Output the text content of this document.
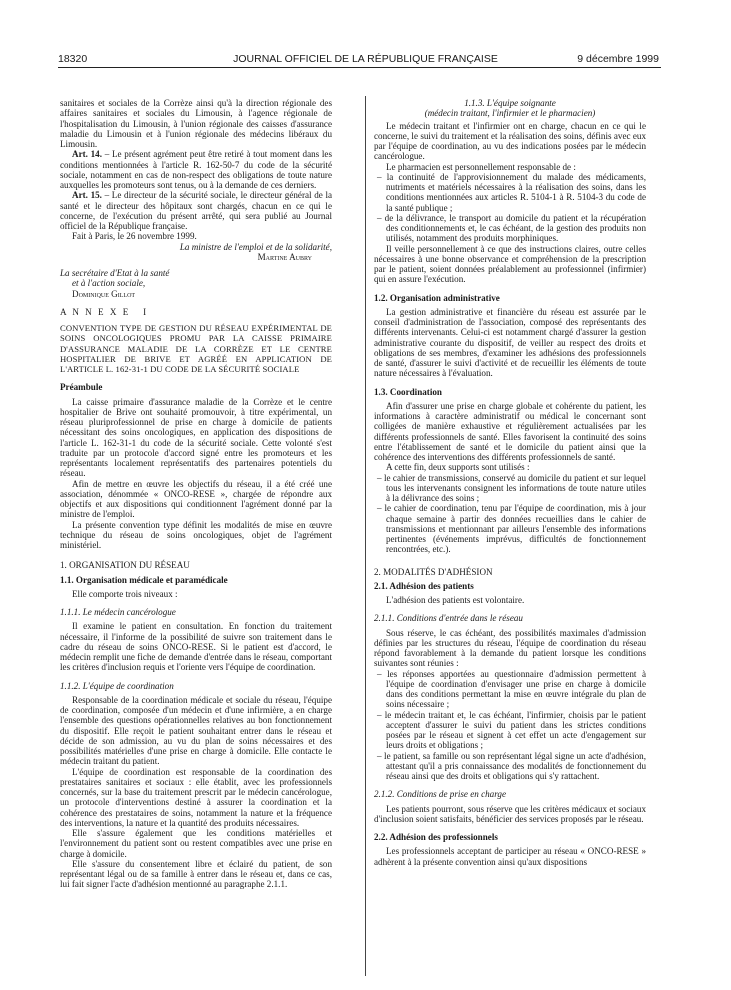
18320	JOURNAL OFFICIEL DE LA RÉPUBLIQUE FRANÇAISE	9 décembre 1999

sanitaires et sociales de la Corrèze ainsi qu'à la direction régionale des affaires sanitaires et sociales du Limousin, à l'agence régionale de l'hospitalisation du Limousin, à l'union régionale des caisses d'assurance maladie du Limousin et à l'union régionale des médecins libéraux du Limousin.

Art. 14. – Le présent agrément peut être retiré à tout moment dans les conditions mentionnées à l'article R. 162-50-7 du code de la sécurité sociale, notamment en cas de non-respect des obligations de toute nature auxquelles les promoteurs sont tenus, ou à la demande de ces derniers.

Art. 15. – Le directeur de la sécurité sociale, le directeur général de la santé et le directeur des hôpitaux sont chargés, chacun en ce qui le concerne, de l'exécution du présent arrêté, qui sera publié au Journal officiel de la République française.

Fait à Paris, le 26 novembre 1999.

La ministre de l'emploi et de la solidarité,

Martine Aubry

La secrétaire d'Etat à la santé

et à l'action sociale,

Dominique Gillot

A N N E X E   I

CONVENTION TYPE DE GESTION DU RÉSEAU EXPÉRIMENTAL DE SOINS ONCOLOGIQUES PROMU PAR LA CAISSE PRIMAIRE D'ASSURANCE MALADIE DE LA CORRÈZE ET LE CENTRE HOSPITALIER DE BRIVE ET AGRÉÉ EN APPLICATION DE L'ARTICLE L. 162-31-1 DU CODE DE LA SÉCURITÉ SOCIALE

Préambule

La caisse primaire d'assurance maladie de la Corrèze et le centre hospitalier de Brive ont souhaité promouvoir, à titre expérimental, un réseau pluriprofessionnel de prise en charge à domicile de patients nécessitant des soins oncologiques, en application des dispositions de l'article L. 162-31-1 du code de la sécurité sociale. Cette volonté s'est traduite par un protocole d'accord signé entre les promoteurs et les représentants localement représentatifs des partenaires potentiels du réseau.

Afin de mettre en œuvre les objectifs du réseau, il a été créé une association, dénommée « ONCO-RESE », chargée de répondre aux objectifs et aux dispositions qui conditionnent l'agrément donné par la ministre de l'emploi.

La présente convention type définit les modalités de mise en œuvre technique du réseau de soins oncologiques, objet de l'agrément ministériel.

1. ORGANISATION DU RÉSEAU

1.1. Organisation médicale et paramédicale

Elle comporte trois niveaux :

1.1.1. Le médecin cancérologue

Il examine le patient en consultation. En fonction du traitement nécessaire, il l'informe de la possibilité de suivre son traitement dans le cadre du réseau de soins ONCO-RESE. Si le patient est d'accord, le médecin remplit une fiche de demande d'entrée dans le réseau, comportant les critères d'inclusion requis et l'oriente vers l'équipe de coordination.

1.1.2. L'équipe de coordination

Responsable de la coordination médicale et sociale du réseau, l'équipe de coordination, composée d'un médecin et d'une infirmière, a en charge l'ensemble des questions opérationnelles relatives au bon fonctionnement du dispositif. Elle reçoit le patient souhaitant entrer dans le réseau et décide de son admission, au vu du plan de soins nécessaires et des possibilités matérielles d'une prise en charge à domicile. Elle contacte le médecin traitant du patient.

L'équipe de coordination est responsable de la coordination des prestataires sanitaires et sociaux : elle établit, avec les professionnels concernés, sur la base du traitement prescrit par le médecin cancérologue, un protocole d'interventions destiné à assurer la coordination et la cohérence des prestataires de soins, notamment la nature et la fréquence des interventions, la nature et la quantité des produits nécessaires.

Elle s'assure également que les conditions matérielles et l'environnement du patient sont ou restent compatibles avec une prise en charge à domicile.

Elle s'assure du consentement libre et éclairé du patient, de son représentant légal ou de sa famille à entrer dans le réseau et, dans ce cas, lui fait signer l'acte d'adhésion mentionné au paragraphe 2.1.1.

1.1.3. L'équipe soignante

(médecin traitant, l'infirmier et le pharmacien)

Le médecin traitant et l'infirmier ont en charge, chacun en ce qui le concerne, le suivi du traitement et la réalisation des soins, définis avec eux par l'équipe de coordination, au vu des indications posées par le médecin cancérologue.

Le pharmacien est personnellement responsable de :

– la continuité de l'approvisionnement du malade des médicaments, nutriments et matériels nécessaires à la réalisation des soins, dans les conditions mentionnées aux articles R. 5104-1 à R. 5104-3 du code de la santé publique ;
– de la délivrance, le transport au domicile du patient et la récupération des conditionnements et, le cas échéant, de la gestion des produits non utilisés, notamment des produits morphiniques.

Il veille personnellement à ce que des instructions claires, outre celles nécessaires à une bonne observance et compréhension de la prescription par le patient, soient données préalablement au professionnel (infirmier) qui en assure l'exécution.

1.2. Organisation administrative

La gestion administrative et financière du réseau est assurée par le conseil d'administration de l'association, composé des représentants des différents intervenants. Celui-ci est notamment chargé d'assurer la gestion administrative courante du dispositif, de veiller au respect des droits et obligations de ses membres, d'examiner les adhésions des professionnels de santé, d'assurer le suivi d'activité et de recueillir les éléments de toute nature nécessaires à l'évaluation.

1.3. Coordination

Afin d'assurer une prise en charge globale et cohérente du patient, les informations à caractère administratif ou médical le concernant sont colligées de manière exhaustive et régulièrement actualisées par les différents professionnels de santé. Elles favorisent la continuité des soins entre l'établissement de santé et le domicile du patient ainsi que la cohérence des interventions des différents professionnels de santé.

A cette fin, deux supports sont utilisés :

– le cahier de transmissions, conservé au domicile du patient et sur lequel tous les intervenants consignent les informations de toute nature utiles à la délivrance des soins ;
– le cahier de coordination, tenu par l'équipe de coordination, mis à jour chaque semaine à partir des données recueillies dans le cahier de transmissions et mentionnant par ailleurs l'ensemble des informations pertinentes (événements imprévus, difficultés de fonctionnement rencontrées, etc.).

2. MODALITÉS D'ADHÉSION

2.1. Adhésion des patients

L'adhésion des patients est volontaire.

2.1.1. Conditions d'entrée dans le réseau

Sous réserve, le cas échéant, des possibilités maximales d'admission définies par les structures du réseau, l'équipe de coordination du réseau répond favorablement à la demande du patient lorsque les conditions suivantes sont réunies :

– les réponses apportées au questionnaire d'admission permettent à l'équipe de coordination d'envisager une prise en charge à domicile dans des conditions permettant la mise en œuvre intégrale du plan de soins nécessaire ;
– le médecin traitant et, le cas échéant, l'infirmier, choisis par le patient acceptent d'assurer le suivi du patient dans les strictes conditions posées par le réseau et signent à cet effet un acte d'engagement sur leurs droits et obligations ;
– le patient, sa famille ou son représentant légal signe un acte d'adhésion, attestant qu'il a pris connaissance des modalités de fonctionnement du réseau ainsi que des droits et obligations qui s'y rattachent.

2.1.2. Conditions de prise en charge

Les patients pourront, sous réserve que les critères médicaux et sociaux d'inclusion soient satisfaits, bénéficier des services proposés par le réseau.

2.2. Adhésion des professionnels

Les professionnels acceptant de participer au réseau « ONCO-RESE » adhèrent à la présente convention ainsi qu'aux dispositions
